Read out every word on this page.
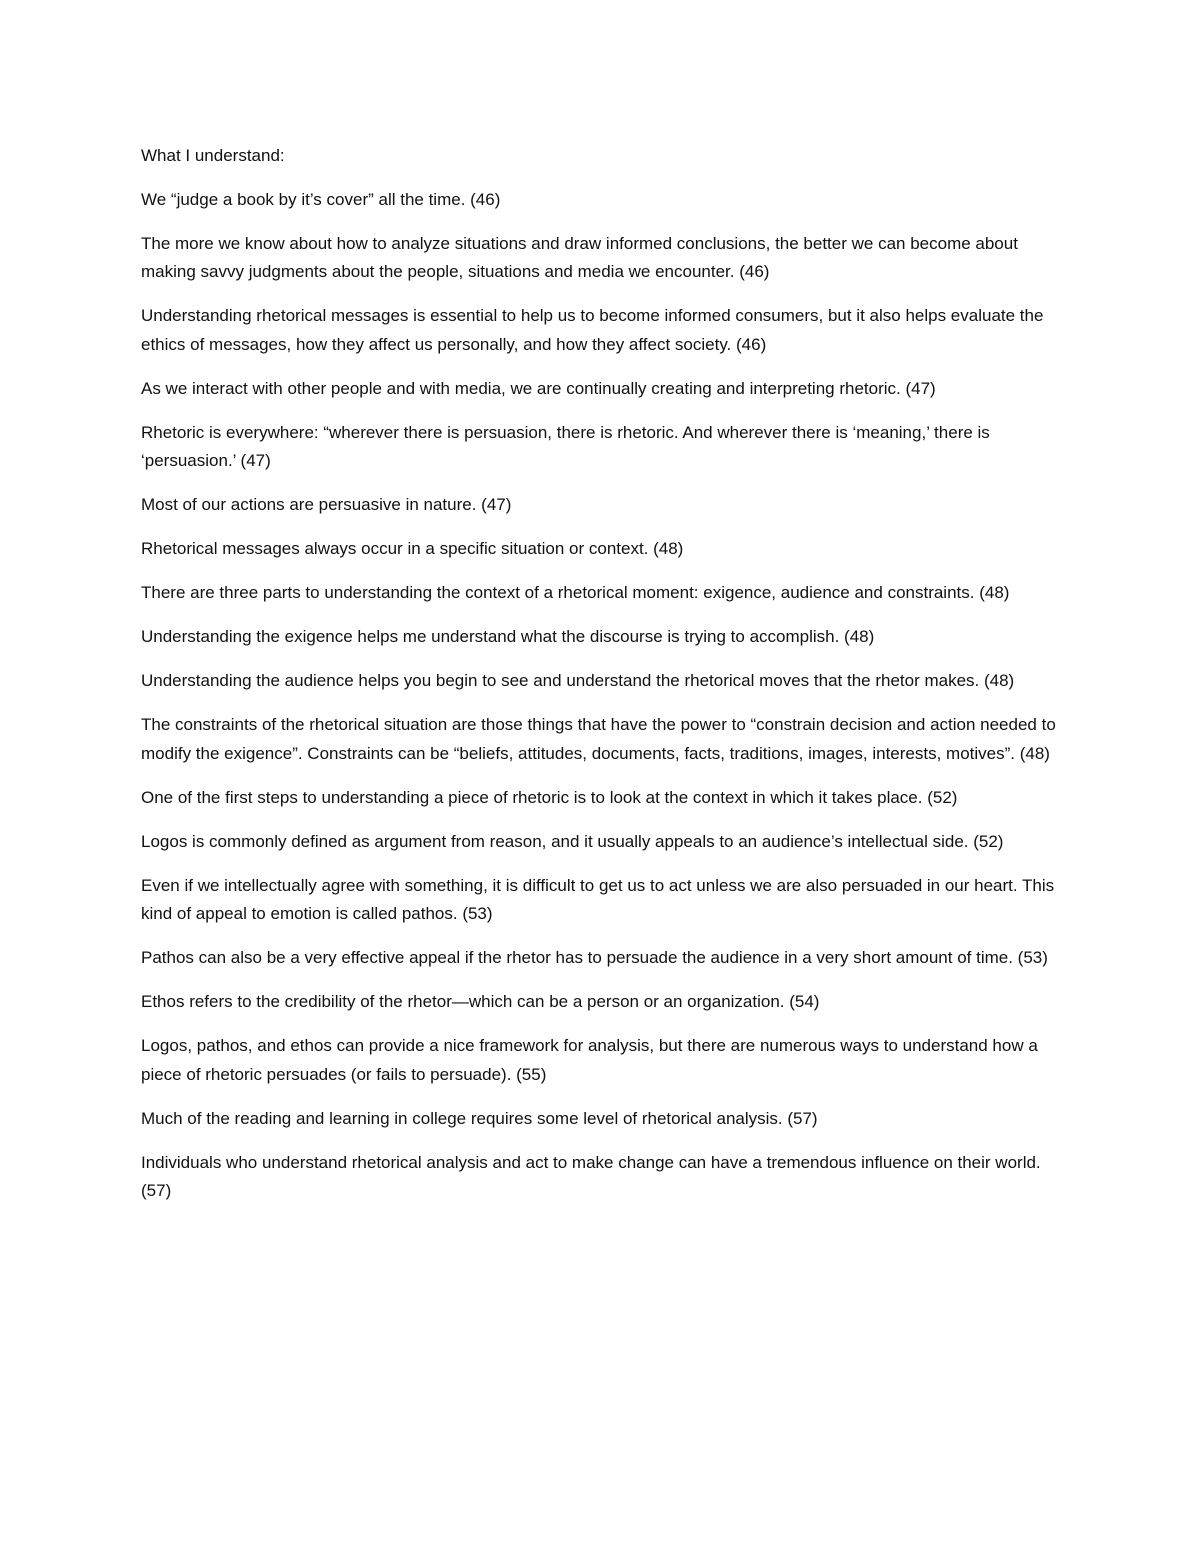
What I understand:

We “judge a book by it’s cover” all the time. (46)

The more we know about how to analyze situations and draw informed conclusions, the better we can become about making savvy judgments about the people, situations and media we encounter. (46)

Understanding rhetorical messages is essential to help us to become informed consumers, but it also helps evaluate the ethics of messages, how they affect us personally, and how they affect society. (46)

As we interact with other people and with media, we are continually creating and interpreting rhetoric. (47)

Rhetoric is everywhere: “wherever there is persuasion, there is rhetoric. And wherever there is ‘meaning,’ there is ‘persuasion.’ (47)

Most of our actions are persuasive in nature. (47)

Rhetorical messages always occur in a specific situation or context. (48)

There are three parts to understanding the context of a rhetorical moment: exigence, audience and constraints. (48)

Understanding the exigence helps me understand what the discourse is trying to accomplish. (48)

Understanding the audience helps you begin to see and understand the rhetorical moves that the rhetor makes. (48)

The constraints of the rhetorical situation are those things that have the power to “constrain decision and action needed to modify the exigence”. Constraints can be “beliefs, attitudes, documents, facts, traditions, images, interests, motives”. (48)

One of the first steps to understanding a piece of rhetoric is to look at the context in which it takes place. (52)

Logos is commonly defined as argument from reason, and it usually appeals to an audience’s intellectual side. (52)

Even if we intellectually agree with something, it is difficult to get us to act unless we are also persuaded in our heart. This kind of appeal to emotion is called pathos. (53)

Pathos can also be a very effective appeal if the rhetor has to persuade the audience in a very short amount of time. (53)

Ethos refers to the credibility of the rhetor—which can be a person or an organization. (54)

Logos, pathos, and ethos can provide a nice framework for analysis, but there are numerous ways to understand how a piece of rhetoric persuades (or fails to persuade). (55)

Much of the reading and learning in college requires some level of rhetorical analysis. (57)

Individuals who understand rhetorical analysis and act to make change can have a tremendous influence on their world. (57)
